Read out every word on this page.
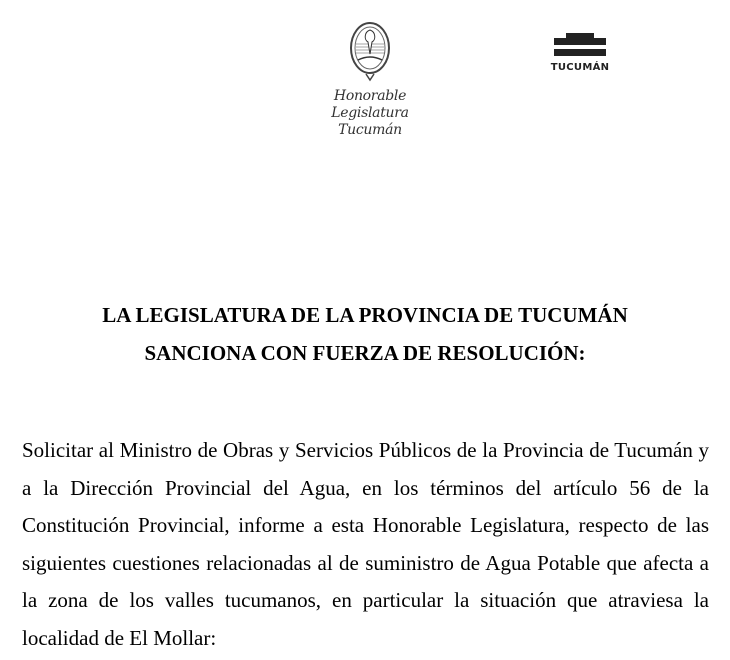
Honorable Legislatura
Tucumán
TUCUMÁN
LA LEGISLATURA DE LA PROVINCIA DE TUCUMÁN
SANCIONA CON FUERZA DE RESOLUCIÓN:
Solicitar al Ministro de Obras y Servicios Públicos de la Provincia de Tucumán y a la Dirección Provincial del Agua, en los términos del artículo 56 de la Constitución Provincial, informe a esta Honorable Legislatura, respecto de las siguientes cuestiones relacionadas al de suministro de Agua Potable que afecta a la zona de los valles tucumanos, en particular la situación que atraviesa la localidad de El Mollar:
